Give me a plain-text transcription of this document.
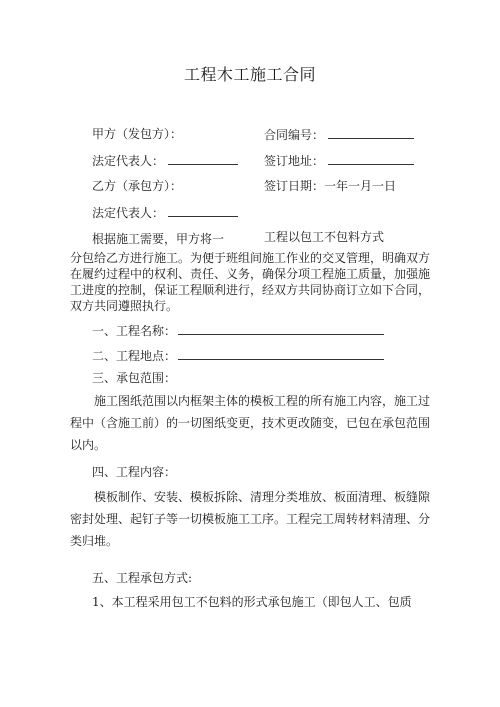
工程木工施工合同
甲方（发包方）：	合同编号：
法定代表人：	签订地址：
乙方（承包方）：	签订日期：一年一月一日
法定代表人：
根据施工需要，甲方将一	工程以包工不包料方式
分包给乙方进行施工。为便于班组间施工作业的交叉管理，明确双方在履约过程中的权利、责任、义务，确保分项工程施工质量，加强施工进度的控制，保证工程顺利进行，经双方共同协商订立如下合同，双方共同遵照执行。
一、工程名称：
二、工程地点：
三、承包范围：
施工图纸范围以内框架主体的模板工程的所有施工内容，施工过程中（含施工前）的一切图纸变更，技术更改随变，已包在承包范围以内。
四、工程内容：
模板制作、安装、模板拆除、清理分类堆放、板面清理、板缝隙密封处理、起钉子等一切模板施工工序。工程完工周转材料清理、分类归堆。
五、工程承包方式:
1、本工程采用包工不包料的形式承包施工（即包人工、包质
